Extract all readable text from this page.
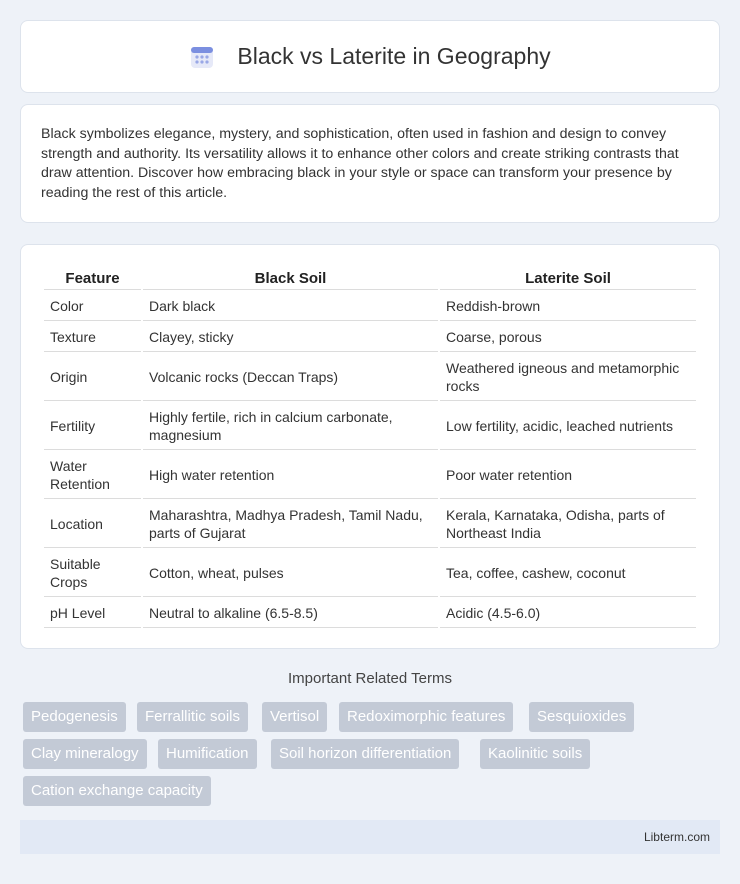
Black vs Laterite in Geography

Black symbolizes elegance, mystery, and sophistication, often used in fashion and design to convey strength and authority. Its versatility allows it to enhance other colors and create striking contrasts that draw attention. Discover how embracing black in your style or space can transform your presence by reading the rest of this article.

Feature	Black Soil	Laterite Soil
Color	Dark black	Reddish-brown
Texture	Clayey, sticky	Coarse, porous
Origin	Volcanic rocks (Deccan Traps)	Weathered igneous and metamorphic rocks
Fertility	Highly fertile, rich in calcium carbonate, magnesium	Low fertility, acidic, leached nutrients
Water Retention	High water retention	Poor water retention
Location	Maharashtra, Madhya Pradesh, Tamil Nadu, parts of Gujarat	Kerala, Karnataka, Odisha, parts of Northeast India
Suitable Crops	Cotton, wheat, pulses	Tea, coffee, cashew, coconut
pH Level	Neutral to alkaline (6.5-8.5)	Acidic (4.5-6.0)
Important Related Terms
Pedogenesis	Ferrallitic soils	Vertisol	Redoximorphic features	Sesquioxides
Clay mineralogy	Humification	Soil horizon differentiation	Kaolinitic soils
Cation exchange capacity
Libterm.com
